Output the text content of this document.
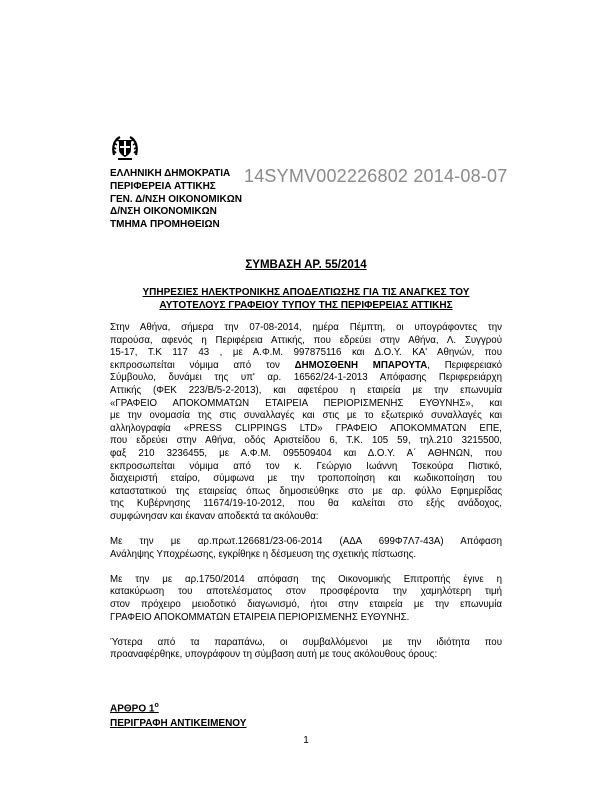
14SYMV002226802 2014-08-07
ΕΛΛΗΝΙΚΗ ΔΗΜΟΚΡΑΤΙΑ
ΠΕΡΙΦΕΡΕΙΑ ΑΤΤΙΚΗΣ
ΓΕΝ. Δ/ΝΣΗ ΟΙΚΟΝΟΜΙΚΩΝ
Δ/ΝΣΗ ΟΙΚΟΝΟΜΙΚΩΝ
ΤΜΗΜΑ ΠΡΟΜΗΘΕΙΩΝ
ΣΥΜΒΑΣΗ ΑΡ. 55/2014
ΥΠΗΡΕΣΙΕΣ ΗΛΕΚΤΡΟΝΙΚΗΣ ΑΠΟΔΕΛΤΙΩΣΗΣ ΓΙΑ ΤΙΣ ΑΝΑΓΚΕΣ ΤΟΥ
ΑΥΤΟΤΕΛΟΥΣ ΓΡΑΦΕΙΟΥ ΤΥΠΟΥ ΤΗΣ ΠΕΡΙΦΕΡΕΙΑΣ ΑΤΤΙΚΗΣ

Στην Αθήνα, σήμερα την 07-08-2014, ημέρα Πέμπτη, οι υπογράφοντες την
παρούσα, αφενός η Περιφέρεια Αττικής, που εδρεύει στην Αθήνα, Λ. Συγγρού
15-17, Τ.Κ 117 43 , με Α.Φ.Μ. 997875116 και Δ.Ο.Υ. ΚΑ' Αθηνών, που
εκπροσωπείται νόμιμα από τον ΔΗΜΟΣΘΕΝΗ ΜΠΑΡΟΥΤΑ, Περιφερειακό
Σύμβουλο, δυνάμει της υπ' αρ. 16562/24-1-2013 Απόφασης Περιφερειάρχη
Αττικής (ΦΕΚ 223/Β/5-2-2013), και αφετέρου η εταιρεία με την επωνυμία
«ΓΡΑΦΕΙΟ ΑΠΟΚΟΜΜΑΤΩΝ ΕΤΑΙΡΕΙΑ ΠΕΡΙΟΡΙΣΜΕΝΗΣ ΕΥΘΥΝΗΣ», και
με την ονομασία της στις συναλλαγές και στις με το εξωτερικό συναλλαγές και
αλληλογραφία «PRESS CLIPPINGS LTD» ΓΡΑΦΕΙΟ ΑΠΟΚΟΜΜΑΤΩΝ ΕΠΕ,
που εδρεύει στην Αθήνα, οδός Αριστείδου 6, Τ.Κ. 105 59, τηλ.210 3215500,
φαξ 210 3236455, με Α.Φ.Μ. 095509404 και Δ.Ο.Υ. Α΄ ΑΘΗΝΩΝ, που
εκπροσωπείται νόμιμα από τον κ. Γεώργιο Ιωάννη Τσεκούρα Πιστικό,
διαχειριστή εταίρο, σύμφωνα με την τροποποίηση και κωδικοποίηση του
καταστατικού της εταιρείας όπως δημοσιεύθηκε στο με αρ. φύλλο Εφημερίδας
της Κυβέρνησης 11674/19-10-2012, που θα καλείται στο εξής ανάδοχος,
συμφώνησαν και έκαναν αποδεκτά τα ακόλουθα:

Με την με αρ.πρωτ.126681/23-06-2014 (ΑΔΑ 699Φ7Λ7-43Α) Απόφαση
Ανάληψης Υποχρέωσης, εγκρίθηκε η δέσμευση της σχετικής πίστωσης.

Με την με αρ.1750/2014 απόφαση της Οικονομικής Επιτροπής έγινε η
κατακύρωση του αποτελέσματος στον προσφέροντα την χαμηλότερη τιμή
στον πρόχειρο μειοδοτικό διαγωνισμό, ήτοι στην εταιρεία με την επωνυμία
ΓΡΑΦΕΙΟ ΑΠΟΚΟΜΜΑΤΩΝ ΕΤΑΙΡΕΙΑ ΠΕΡΙΟΡΙΣΜΕΝΗΣ ΕΥΘΥΝΗΣ.

Ύστερα από τα παραπάνω, οι συμβαλλόμενοι με την ιδιότητα που
προαναφέρθηκε, υπογράφουν τη σύμβαση αυτή με τους ακόλουθους όρους:

ΑΡΘΡΟ $1^o$
ΠΕΡΙΓΡΑΦΗ ΑΝΤΙΚΕΙΜΕΝΟΥ
1
